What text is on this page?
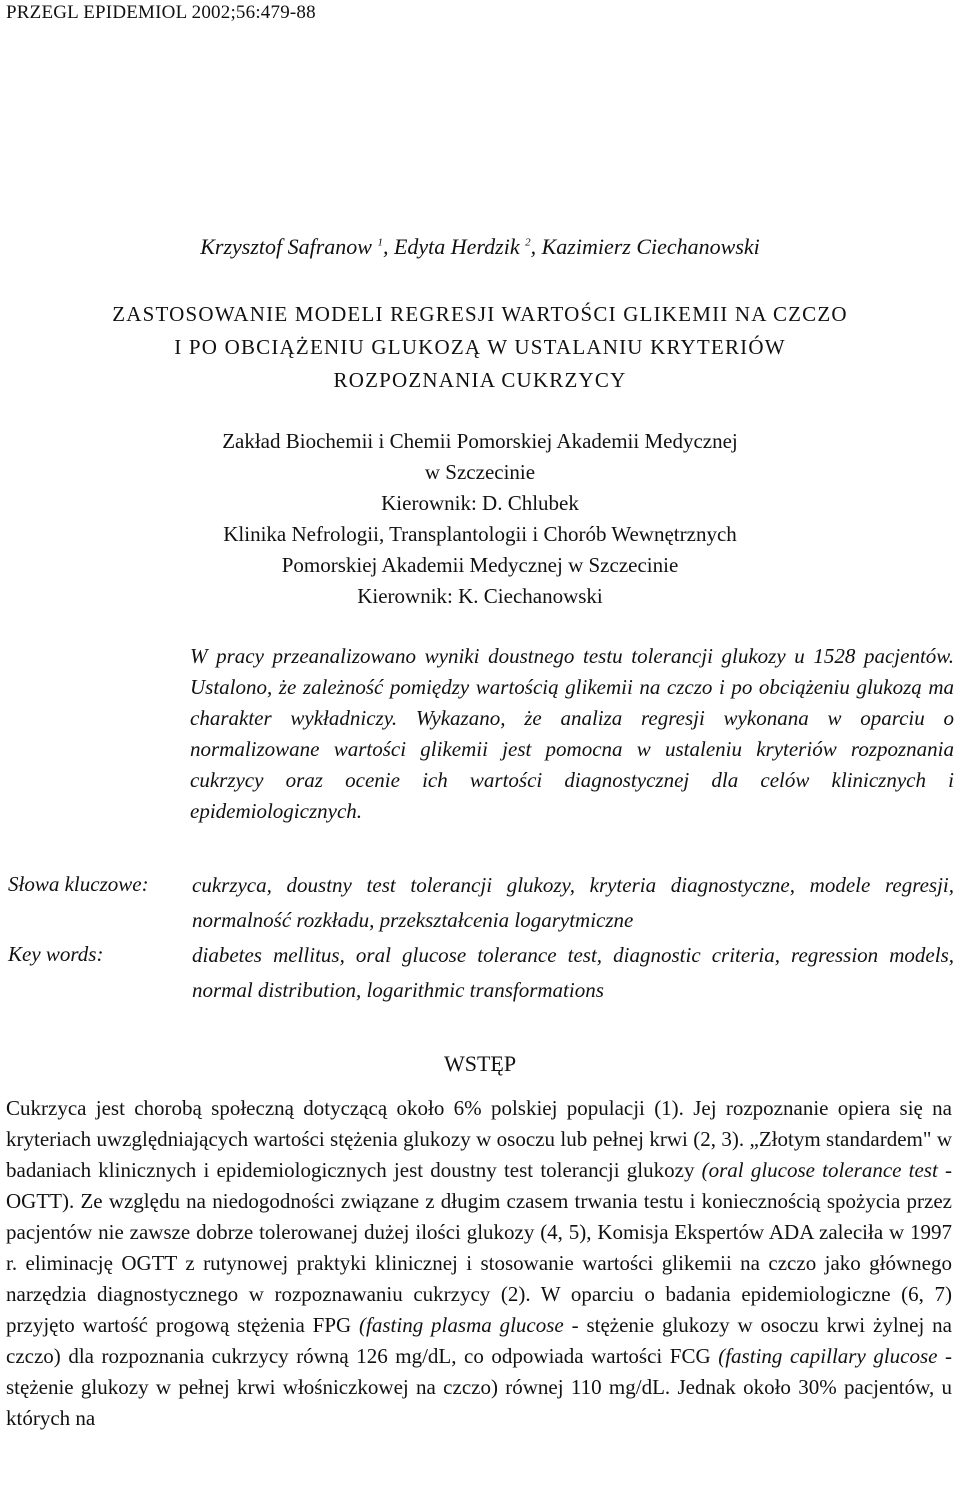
PRZEGL EPIDEMIOL 2002;56:479-88
Krzysztof Safranow $^1$, Edyta Herdzik $^2$, Kazimierz Ciechanowski
ZASTOSOWANIE MODELI REGRESJI WARTOŚCI GLIKEMII NA CZCZO
I PO OBCIĄŻENIU GLUKOZĄ W USTALANIU KRYTERIÓW
ROZPOZNANIA CUKRZYCY
Zakład Biochemii i Chemii Pomorskiej Akademii Medycznej
w Szczecinie
Kierownik: D. Chlubek
Klinika Nefrologii, Transplantologii i Chorób Wewnętrznych
Pomorskiej Akademii Medycznej w Szczecinie
Kierownik: K. Ciechanowski
W pracy przeanalizowano wyniki doustnego testu tolerancji glukozy u 1528 pacjentów. Ustalono, że zależność pomiędzy wartością glikemii na czczo i po obciążeniu glukozą ma charakter wykładniczy. Wykazano, że analiza regresji wykonana w oparciu o normalizowane wartości glikemii jest pomocna w ustaleniu kryteriów rozpoznania cukrzycy oraz ocenie ich wartości diagnostycznej dla celów klinicznych i epidemiologicznych.
Słowa kluczowe: cukrzyca, doustny test tolerancji glukozy, kryteria diagnostyczne, modele regresji, normalność rozkładu, przekształcenia logarytmiczne
Key words:	diabetes mellitus, oral glucose tolerance test, diagnostic criteria, regression models, normal distribution, logarithmic transformations
WSTĘP
Cukrzyca jest chorobą społeczną dotyczącą około 6% polskiej populacji (1). Jej rozpoznanie opiera się na kryteriach uwzględniających wartości stężenia glukozy w osoczu lub pełnej krwi (2, 3). „Złotym standardem" w badaniach klinicznych i epidemiologicznych jest doustny test tolerancji glukozy (oral glucose tolerance test - OGTT). Ze względu na niedogodności związane z długim czasem trwania testu i koniecznością spożycia przez pacjentów nie zawsze dobrze tolerowanej dużej ilości glukozy (4, 5), Komisja Ekspertów ADA zaleciła w 1997 r. eliminację OGTT z rutynowej praktyki klinicznej i stosowanie wartości glikemii na czczo jako głównego narzędzia diagnostycznego w rozpoznawaniu cukrzycy (2). W oparciu o badania epidemiologiczne (6, 7) przyjęto wartość progową stężenia FPG (fasting plasma glucose - stężenie glukozy w osoczu krwi żylnej na czczo) dla rozpoznania cukrzycy równą 126 mg/dL, co odpowiada wartości FCG (fasting capillary glucose - stężenie glukozy w pełnej krwi włośniczkowej na czczo) równej 110 mg/dL. Jednak około 30% pacjentów, u których na
